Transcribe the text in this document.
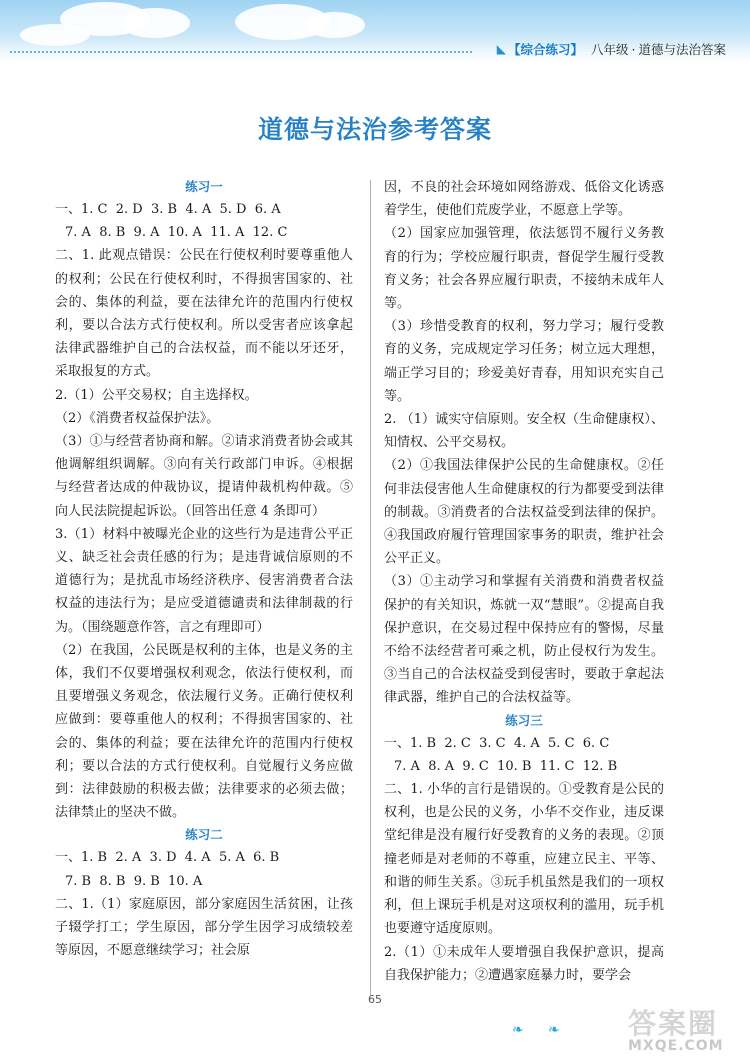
◣ 【综合练习】 八年级 · 道德与法治答案
道德与法治参考答案
练习一
一、1. C  2. D  3. B  4. A  5. D  6. A
7. A  8. B  9. A  10. A  11. A  12. C
二、1. 此观点错误：公民在行使权利时要尊重他人的权利；公民在行使权利时，不得损害国家的、社会的、集体的利益，要在法律允许的范围内行使权利，要以合法方式行使权利。所以受害者应该拿起法律武器维护自己的合法权益，而不能以牙还牙，采取报复的方式。
2.（1）公平交易权；自主选择权。
（2）《消费者权益保护法》。
（3）①与经营者协商和解。②请求消费者协会或其他调解组织调解。③向有关行政部门申诉。④根据与经营者达成的仲裁协议，提请仲裁机构仲裁。⑤向人民法院提起诉讼。（回答出任意 4 条即可）
3.（1）材料中被曝光企业的这些行为是违背公平正义、缺乏社会责任感的行为；是违背诚信原则的不道德行为；是扰乱市场经济秩序、侵害消费者合法权益的违法行为；是应受道德谴责和法律制裁的行为。（围绕题意作答，言之有理即可）
（2）在我国，公民既是权利的主体，也是义务的主体，我们不仅要增强权利观念，依法行使权利，而且要增强义务观念，依法履行义务。正确行使权利应做到：要尊重他人的权利；不得损害国家的、社会的、集体的利益；要在法律允许的范围内行使权利；要以合法的方式行使权利。自觉履行义务应做到：法律鼓励的积极去做；法律要求的必须去做；法律禁止的坚决不做。
练习二
一、1. B  2. A  3. D  4. A  5. A  6. B
7. B  8. B  9. B  10. A
二、1.（1）家庭原因，部分家庭因生活贫困，让孩子辍学打工；学生原因，部分学生因学习成绩较差等原因，不愿意继续学习；社会原
因，不良的社会环境如网络游戏、低俗文化诱惑着学生，使他们荒废学业，不愿意上学等。
（2）国家应加强管理，依法惩罚不履行义务教育的行为；学校应履行职责，督促学生履行受教育义务；社会各界应履行职责，不接纳未成年人等。
（3）珍惜受教育的权利，努力学习；履行受教育的义务，完成规定学习任务；树立远大理想，端正学习目的；珍爱美好青春，用知识充实自己等。
2. （1）诚实守信原则。安全权（生命健康权）、知情权、公平交易权。
（2）①我国法律保护公民的生命健康权。②任何非法侵害他人生命健康权的行为都要受到法律的制裁。③消费者的合法权益受到法律的保护。④我国政府履行管理国家事务的职责，维护社会公平正义。
（3）①主动学习和掌握有关消费和消费者权益保护的有关知识，炼就一双“慧眼”。②提高自我保护意识，在交易过程中保持应有的警惕，尽量不给不法经营者可乘之机，防止侵权行为发生。③当自己的合法权益受到侵害时，要敢于拿起法律武器，维护自己的合法权益等。
练习三
一、1. B  2. C  3. C  4. A  5. C  6. C
7. A  8. A  9. C  10. B  11. C  12. B
二、1. 小华的言行是错误的。①受教育是公民的权利，也是公民的义务，小华不交作业，违反课堂纪律是没有履行好受教育的义务的表现。②顶撞老师是对老师的不尊重，应建立民主、平等、和谐的师生关系。③玩手机虽然是我们的一项权利，但上课玩手机是对这项权利的滥用，玩手机也要遵守适度原则。
2.（1）①未成年人要增强自我保护意识，提高自我保护能力；②遭遇家庭暴力时，要学会
65
❧ ❧ 答案圈
MXQE.COM
